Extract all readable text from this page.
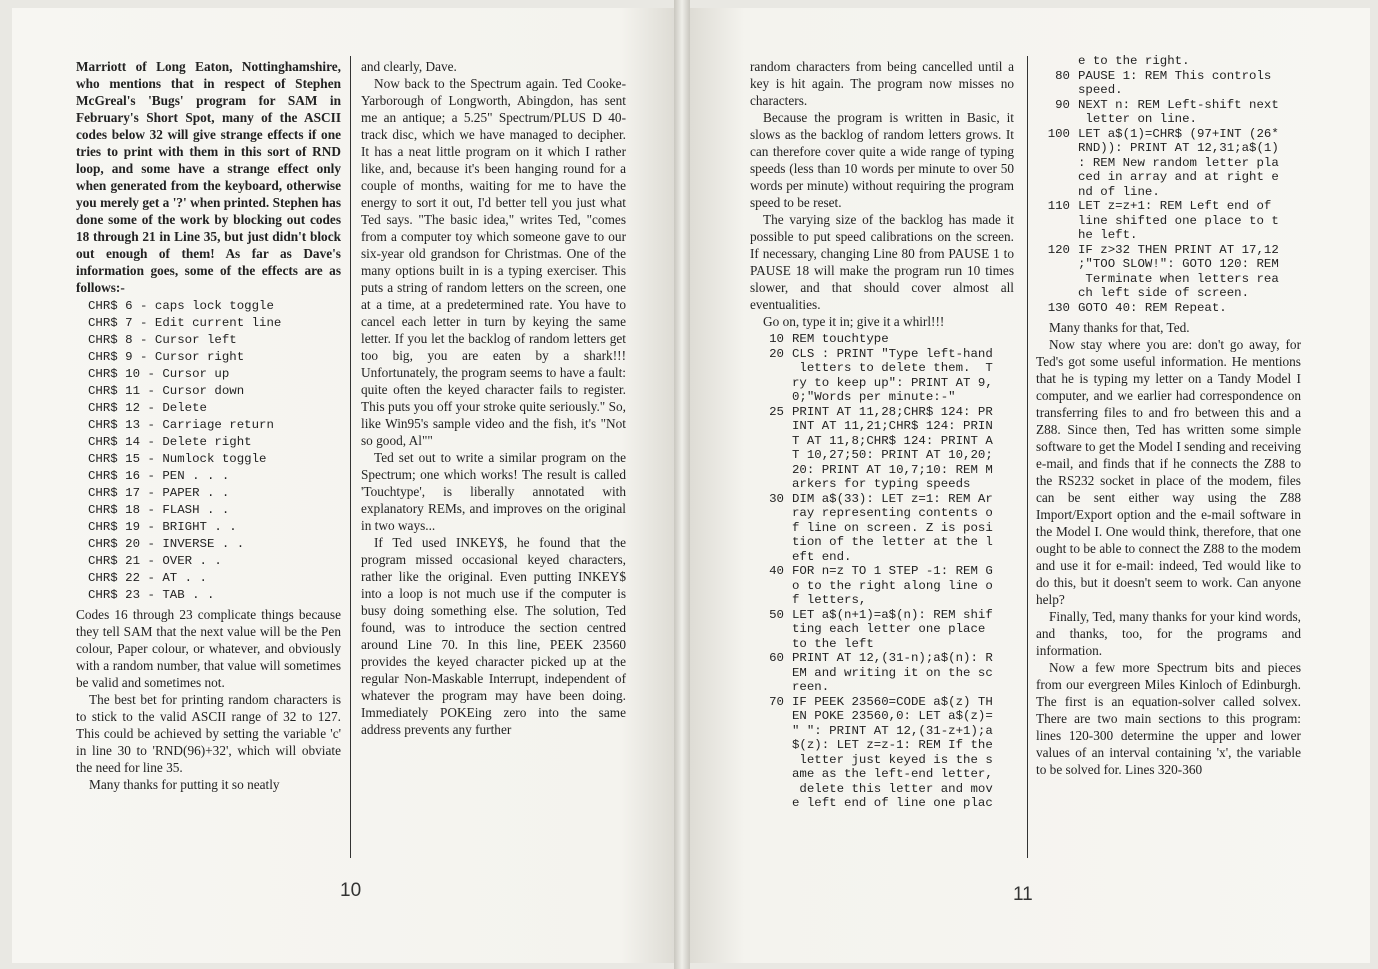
Marriott of Long Eaton, Nottinghamshire, who mentions that in respect of Stephen McGreal's 'Bugs' program for SAM in February's Short Spot, many of the ASCII codes below 32 will give strange effects if one tries to print with them in this sort of RND loop, and some have a strange effect only when generated from the keyboard, otherwise you merely get a '?' when printed. Stephen has done some of the work by blocking out codes 18 through 21 in Line 35, but just didn't block out enough of them! As far as Dave's information goes, some of the effects are as follows:-

CHR$ 6 - caps lock toggle
CHR$ 7 - Edit current line
CHR$ 8 - Cursor left
CHR$ 9 - Cursor right
CHR$ 10 - Cursor up
CHR$ 11 - Cursor down
CHR$ 12 - Delete
CHR$ 13 - Carriage return
CHR$ 14 - Delete right
CHR$ 15 - Numlock toggle
CHR$ 16 - PEN . . .
CHR$ 17 - PAPER . .
CHR$ 18 - FLASH . .
CHR$ 19 - BRIGHT . .
CHR$ 20 - INVERSE . .
CHR$ 21 - OVER . .
CHR$ 22 - AT . .
CHR$ 23 - TAB . .

Codes 16 through 23 complicate things because they tell SAM that the next value will be the Pen colour, Paper colour, or whatever, and obviously with a random number, that value will sometimes be valid and sometimes not.

The best bet for printing random characters is to stick to the valid ASCII range of 32 to 127. This could be achieved by setting the variable 'c' in line 30 to 'RND(96)+32', which will obviate the need for line 35.

Many thanks for putting it so neatly

and clearly, Dave.

Now back to the Spectrum again. Ted Cooke-Yarborough of Longworth, Abingdon, has sent me an antique; a 5.25" Spectrum/PLUS D 40-track disc, which we have managed to decipher. It has a neat little program on it which I rather like, and, because it's been hanging round for a couple of months, waiting for me to have the energy to sort it out, I'd better tell you just what Ted says. "The basic idea," writes Ted, "comes from a computer toy which someone gave to our six-year old grandson for Christmas. One of the many options built in is a typing exerciser. This puts a string of random letters on the screen, one at a time, at a predetermined rate. You have to cancel each letter in turn by keying the same letter. If you let the backlog of random letters get too big, you are eaten by a shark!!! Unfortunately, the program seems to have a fault: quite often the keyed character fails to register. This puts you off your stroke quite seriously." So, like Win95's sample video and the fish, it's "Not so good, Al""

Ted set out to write a similar program on the Spectrum; one which works! The result is called 'Touchtype', is liberally annotated with explanatory REMs, and improves on the original in two ways...

If Ted used INKEY$, he found that the program missed occasional keyed characters, rather like the original. Even putting INKEY$ into a loop is not much use if the computer is busy doing something else. The solution, Ted found, was to introduce the section centred around Line 70. In this line, PEEK 23560 provides the keyed character picked up at the regular Non-Maskable Interrupt, independent of whatever the program may have been doing. Immediately POKEing zero into the same address prevents any further

10

random characters from being cancelled until a key is hit again. The program now misses no characters.

Because the program is written in Basic, it slows as the backlog of random letters grows. It can therefore cover quite a wide range of typing speeds (less than 10 words per minute to over 50 words per minute) without requiring the program speed to be reset.

The varying size of the backlog has made it possible to put speed calibrations on the screen. If necessary, changing Line 80 from PAUSE 1 to PAUSE 18 will make the program run 10 times slower, and that should cover almost all eventualities.

Go on, type it in; give it a whirl!!!

10 REM touchtype
20 CLS : PRINT "Type left-hand
letters to delete them.  T
ry to keep up": PRINT AT 9,
0;"Words per minute:-"
25 PRINT AT 11,28;CHR$ 124: PR
INT AT 11,21;CHR$ 124: PRIN
T AT 11,8;CHR$ 124: PRINT A
T 10,27;50: PRINT AT 10,20;
20: PRINT AT 10,7;10: REM M
arkers for typing speeds
30 DIM a$(33): LET z=1: REM Ar
ray representing contents o
f line on screen. Z is posi
tion of the letter at the l
eft end.
40 FOR n=z TO 1 STEP -1: REM G
o to the right along line o
f letters,
50 LET a$(n+1)=a$(n): REM shif
ting each letter one place
to the left
60 PRINT AT 12,(31-n);a$(n): R
EM and writing it on the sc
reen.
70 IF PEEK 23560=CODE a$(z) TH
EN POKE 23560,0: LET a$(z)=
" ": PRINT AT 12,(31-z+1);a
$(z): LET z=z-1: REM If the
letter just keyed is the s
ame as the left-end letter,
delete this letter and mov
e left end of line one plac
e to the right.
80 PAUSE 1: REM This controls
speed.
90 NEXT n: REM Left-shift next
letter on line.
100 LET a$(1)=CHR$ (97+INT (26*
RND)): PRINT AT 12,31;a$(1)
: REM New random letter pla
ced in array and at right e
nd of line.
110 LET z=z+1: REM Left end of
line shifted one place to t
he left.
120 IF z>32 THEN PRINT AT 17,12
;"TOO SLOW!": GOTO 120: REM
Terminate when letters rea
ch left side of screen.
130 GOTO 40: REM Repeat.

Many thanks for that, Ted.

Now stay where you are: don't go away, for Ted's got some useful information. He mentions that he is typing my letter on a Tandy Model I computer, and we earlier had correspondence on transferring files to and fro between this and a Z88. Since then, Ted has written some simple software to get the Model I sending and receiving e-mail, and finds that if he connects the Z88 to the RS232 socket in place of the modem, files can be sent either way using the Z88 Import/Export option and the e-mail software in the Model I. One would think, therefore, that one ought to be able to connect the Z88 to the modem and use it for e-mail: indeed, Ted would like to do this, but it doesn't seem to work. Can anyone help?

Finally, Ted, many thanks for your kind words, and thanks, too, for the programs and information.

Now a few more Spectrum bits and pieces from our evergreen Miles Kinloch of Edinburgh. The first is an equation-solver called solvex. There are two main sections to this program: lines 120-300 determine the upper and lower values of an interval containing 'x', the variable to be solved for. Lines 320-360

11
